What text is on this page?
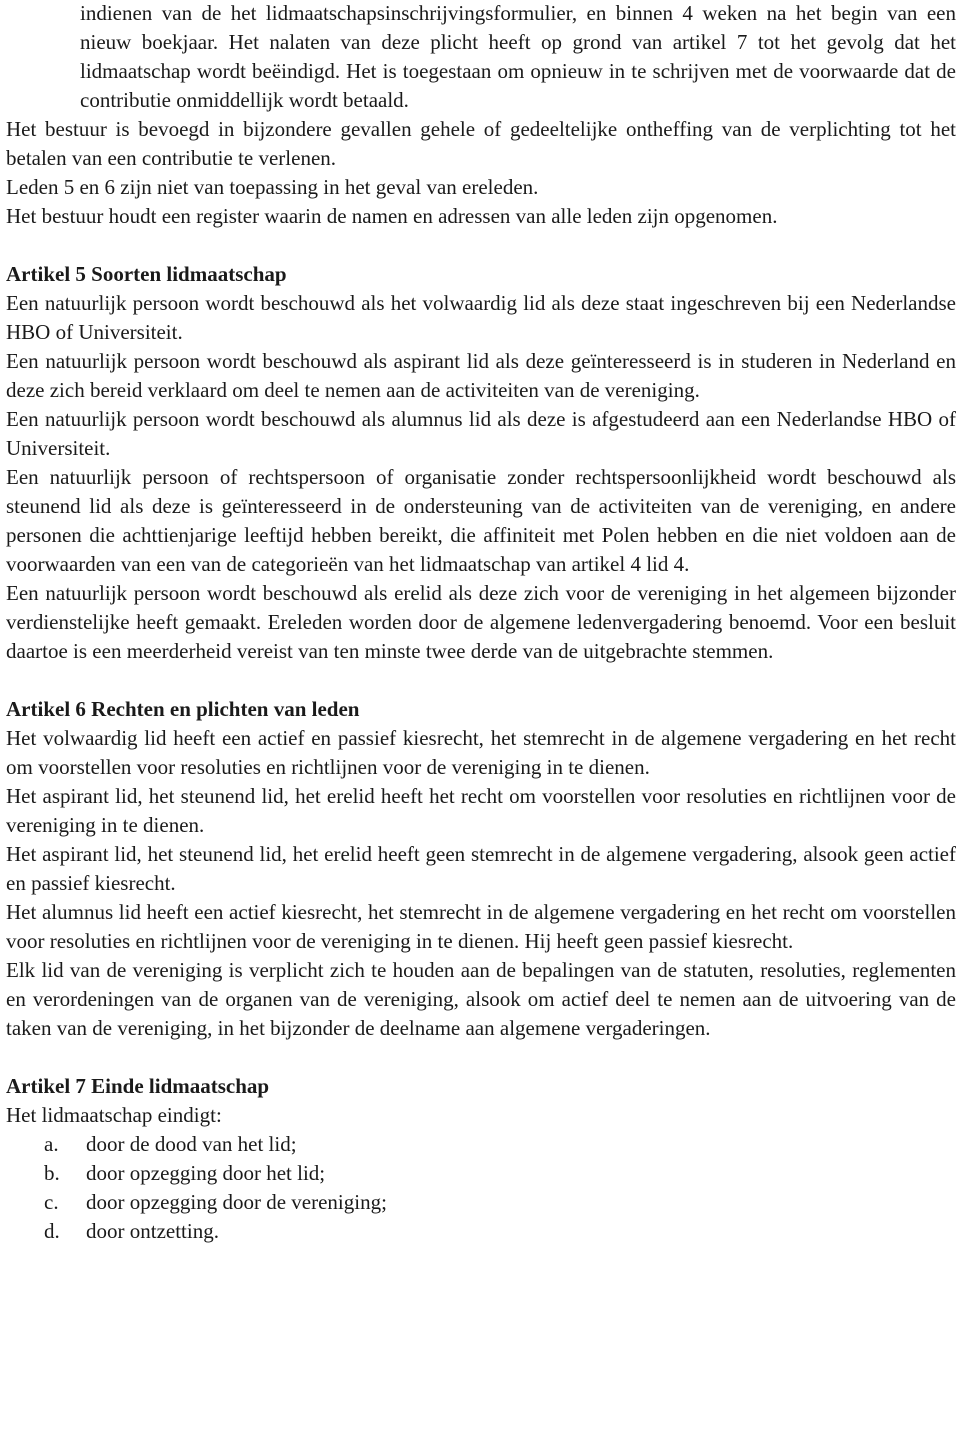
indienen van de het lidmaatschapsinschrijvingsformulier, en binnen 4 weken na het begin van een nieuw boekjaar. Het nalaten van deze plicht heeft op grond van artikel 7 tot het gevolg dat het lidmaatschap wordt beëindigd. Het is toegestaan om opnieuw in te schrijven met de voorwaarde dat de contributie onmiddellijk wordt betaald.
Het bestuur is bevoegd in bijzondere gevallen gehele of gedeeltelijke ontheffing van de verplichting tot het betalen van een contributie te verlenen.
Leden 5 en 6 zijn niet van toepassing in het geval van ereleden.
Het bestuur houdt een register waarin de namen en adressen van alle leden zijn opgenomen.
Artikel 5 Soorten lidmaatschap
Een natuurlijk persoon wordt beschouwd als het volwaardig lid als deze staat ingeschreven bij een Nederlandse HBO of Universiteit.
Een natuurlijk persoon wordt beschouwd als aspirant lid als deze geïnteresseerd is in studeren in Nederland en deze zich bereid verklaard om deel te nemen aan de activiteiten van de vereniging.
Een natuurlijk persoon wordt beschouwd als alumnus lid als deze is afgestudeerd aan een Nederlandse HBO of Universiteit.
Een natuurlijk persoon of rechtspersoon of organisatie zonder rechtspersoonlijkheid wordt beschouwd als steunend lid als deze is geïnteresseerd in de ondersteuning van de activiteiten van de vereniging, en andere personen die achttienjarige leeftijd hebben bereikt, die affiniteit met Polen hebben en die niet voldoen aan de voorwaarden van een van de categorieën van het lidmaatschap van artikel 4 lid 4.
Een natuurlijk persoon wordt beschouwd als erelid als deze zich voor de vereniging in het algemeen bijzonder verdienstelijke heeft gemaakt. Ereleden worden door de algemene ledenvergadering benoemd. Voor een besluit daartoe is een meerderheid vereist van ten minste twee derde van de uitgebrachte stemmen.
Artikel 6 Rechten en plichten van leden
Het volwaardig lid heeft een actief en passief kiesrecht, het stemrecht in de algemene vergadering en het recht om voorstellen voor resoluties en richtlijnen voor de vereniging in te dienen.
Het aspirant lid, het steunend lid, het erelid heeft het recht om voorstellen voor resoluties en richtlijnen voor de vereniging in te dienen.
Het aspirant lid, het steunend lid, het erelid heeft geen stemrecht in de algemene vergadering, alsook geen actief en passief kiesrecht.
Het alumnus lid heeft een actief kiesrecht, het stemrecht in de algemene vergadering en het recht om voorstellen voor resoluties en richtlijnen voor de vereniging in te dienen. Hij heeft geen passief kiesrecht.
Elk lid van de vereniging is verplicht zich te houden aan de bepalingen van de statuten, resoluties, reglementen en verordeningen van de organen van de vereniging, alsook om actief deel te nemen aan de uitvoering van de taken van de vereniging, in het bijzonder de deelname aan algemene vergaderingen.
Artikel 7 Einde lidmaatschap
Het lidmaatschap eindigt:
a.	door de dood van het lid;
b.	door opzegging door het lid;
c.	door opzegging door de vereniging;
d.	door ontzetting.
